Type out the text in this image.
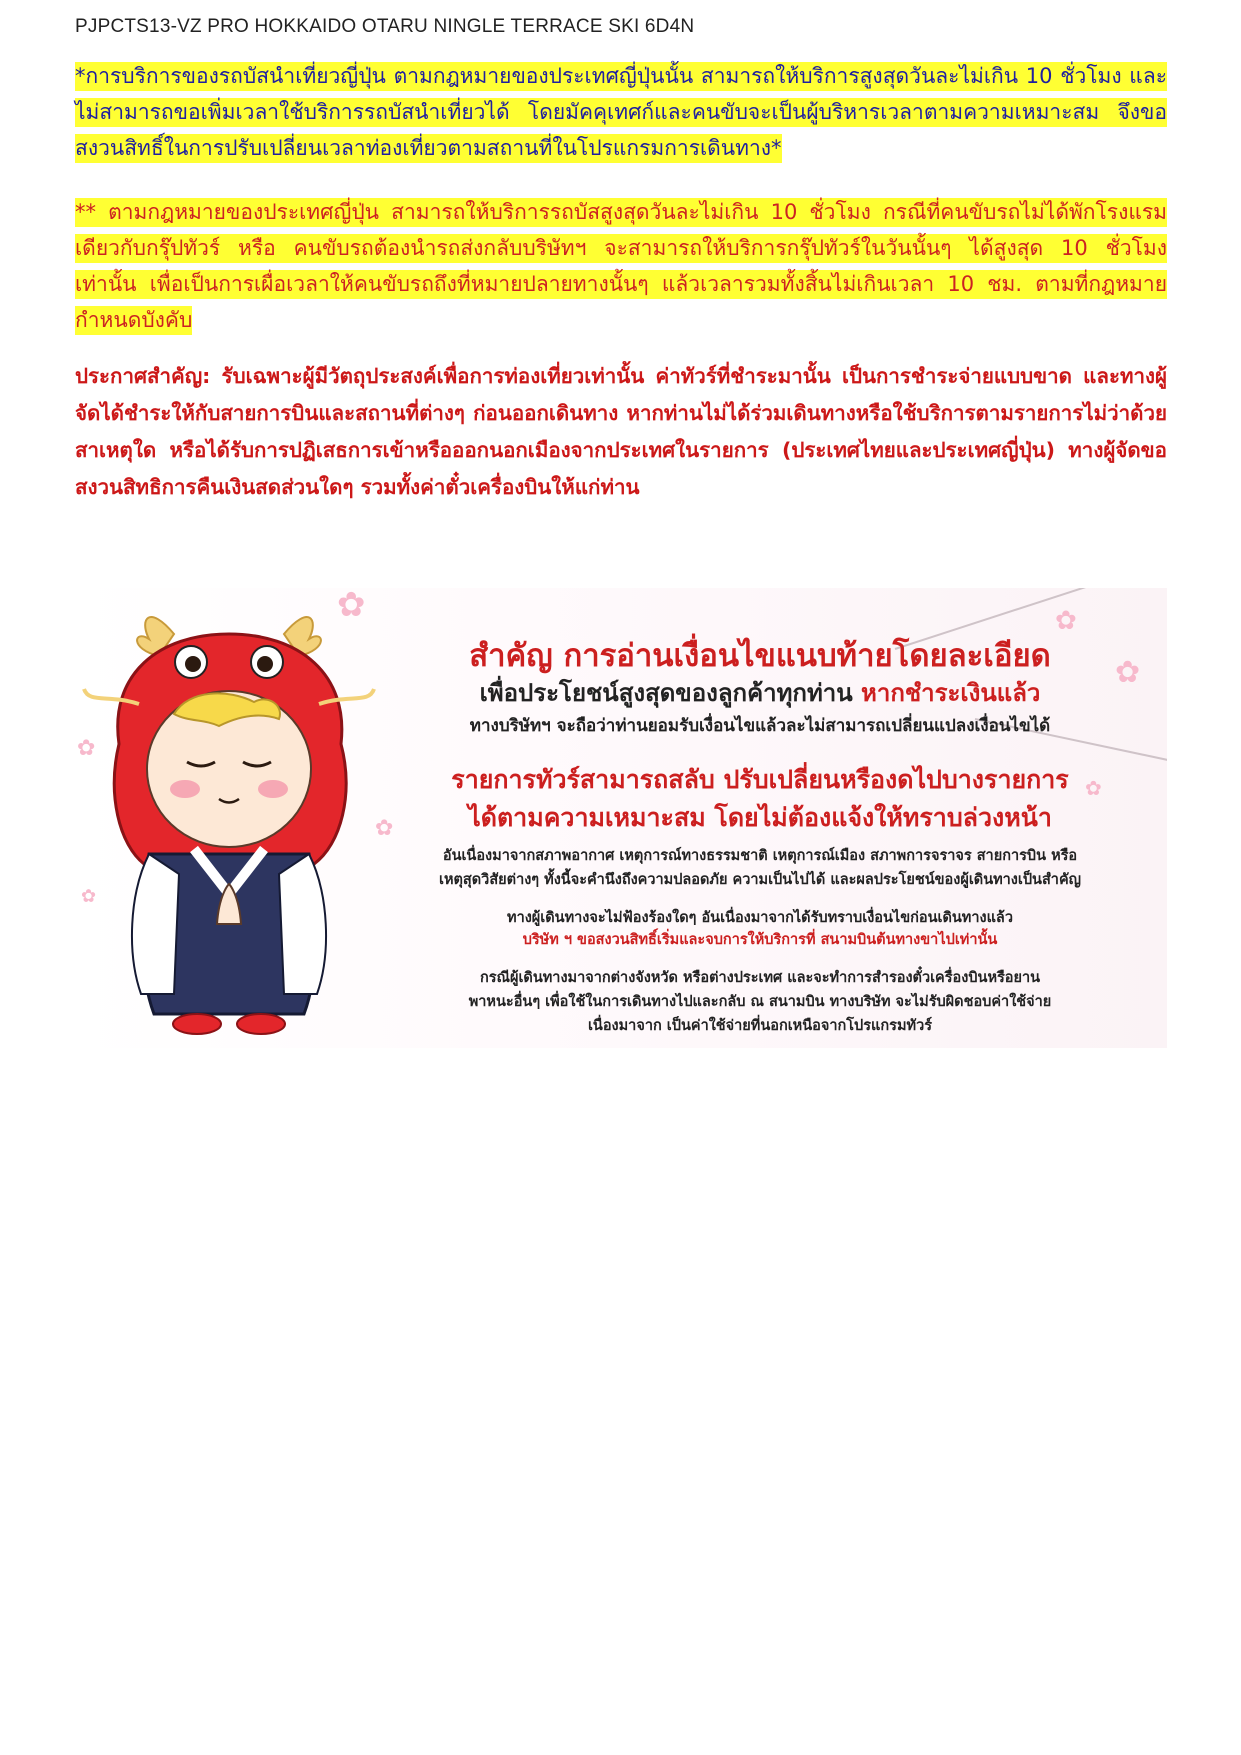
PJPCTS13-VZ PRO HOKKAIDO OTARU NINGLE TERRACE SKI 6D4N
*การบริการของรถบัสนำเที่ยวญี่ปุ่น ตามกฎหมายของประเทศญี่ปุ่นนั้น สามารถให้บริการสูงสุดวันละไม่เกิน 10 ชั่วโมง และไม่สามารถขอเพิ่มเวลาใช้บริการรถบัสนำเที่ยวได้ โดยมัคคุเทศก์และคนขับจะเป็นผู้บริหารเวลาตามความเหมาะสม จึงขอสงวนสิทธิ์ในการปรับเปลี่ยนเวลาท่องเที่ยวตามสถานที่ในโปรแกรมการเดินทาง*
** ตามกฎหมายของประเทศญี่ปุ่น สามารถให้บริการรถบัสสูงสุดวันละไม่เกิน 10 ชั่วโมง กรณีที่คนขับรถไม่ได้พักโรงแรมเดียวกับกรุ๊ปทัวร์ หรือ คนขับรถต้องนำรถส่งกลับบริษัทฯ จะสามารถให้บริการกรุ๊ปทัวร์ในวันนั้นๆ ได้สูงสุด 10 ชั่วโมง เท่านั้น เพื่อเป็นการเผื่อเวลาให้คนขับรถถึงที่หมายปลายทางนั้นๆ แล้วเวลารวมทั้งสิ้นไม่เกินเวลา 10 ชม. ตามที่กฎหมายกำหนดบังคับ
ประกาศสำคัญ: รับเฉพาะผู้มีวัตถุประสงค์เพื่อการท่องเที่ยวเท่านั้น ค่าทัวร์ที่ชำระมานั้น เป็นการชำระจ่ายแบบขาด และทางผู้จัดได้ชำระให้กับสายการบินและสถานที่ต่างๆ ก่อนออกเดินทาง หากท่านไม่ได้ร่วมเดินทางหรือใช้บริการตามรายการไม่ว่าด้วยสาเหตุใด หรือได้รับการปฏิเสธการเข้าหรือออกนอกเมืองจากประเทศในรายการ (ประเทศไทยและประเทศญี่ปุ่น) ทางผู้จัดขอสงวนสิทธิการคืนเงินสดส่วนใดๆ รวมทั้งค่าตั๋วเครื่องบินให้แก่ท่าน
✿
✿
✿
✿
✿
✿
✿
สำคัญ การอ่านเงื่อนไขแนบท้ายโดยละเอียด
เพื่อประโยชน์สูงสุดของลูกค้าทุกท่าน หากชำระเงินแล้ว
ทางบริษัทฯ จะถือว่าท่านยอมรับเงื่อนไขแล้วละไม่สามารถเปลี่ยนแปลงเงื่อนไขได้
รายการทัวร์สามารถสลับ ปรับเปลี่ยนหรืองดไปบางรายการ
ได้ตามความเหมาะสม โดยไม่ต้องแจ้งให้ทราบล่วงหน้า
อันเนื่องมาจากสภาพอากาศ เหตุการณ์ทางธรรมชาติ เหตุการณ์เมือง สภาพการจราจร สายการบิน หรือ
เหตุสุดวิสัยต่างๆ ทั้งนี้จะคำนึงถึงความปลอดภัย ความเป็นไปได้ และผลประโยชน์ของผู้เดินทางเป็นสำคัญ
ทางผู้เดินทางจะไม่ฟ้องร้องใดๆ อันเนื่องมาจากได้รับทราบเงื่อนไขก่อนเดินทางแล้ว
บริษัท ฯ ขอสงวนสิทธิ์เริ่มและจบการให้บริการที่ สนามบินต้นทางขาไปเท่านั้น
กรณีผู้เดินทางมาจากต่างจังหวัด หรือต่างประเทศ และจะทำการสำรองตั๋วเครื่องบินหรือยาน
พาหนะอื่นๆ เพื่อใช้ในการเดินทางไปและกลับ ณ สนามบิน ทางบริษัท จะไม่รับผิดชอบค่าใช้จ่าย
เนื่องมาจาก เป็นค่าใช้จ่ายที่นอกเหนือจากโปรแกรมทัวร์
